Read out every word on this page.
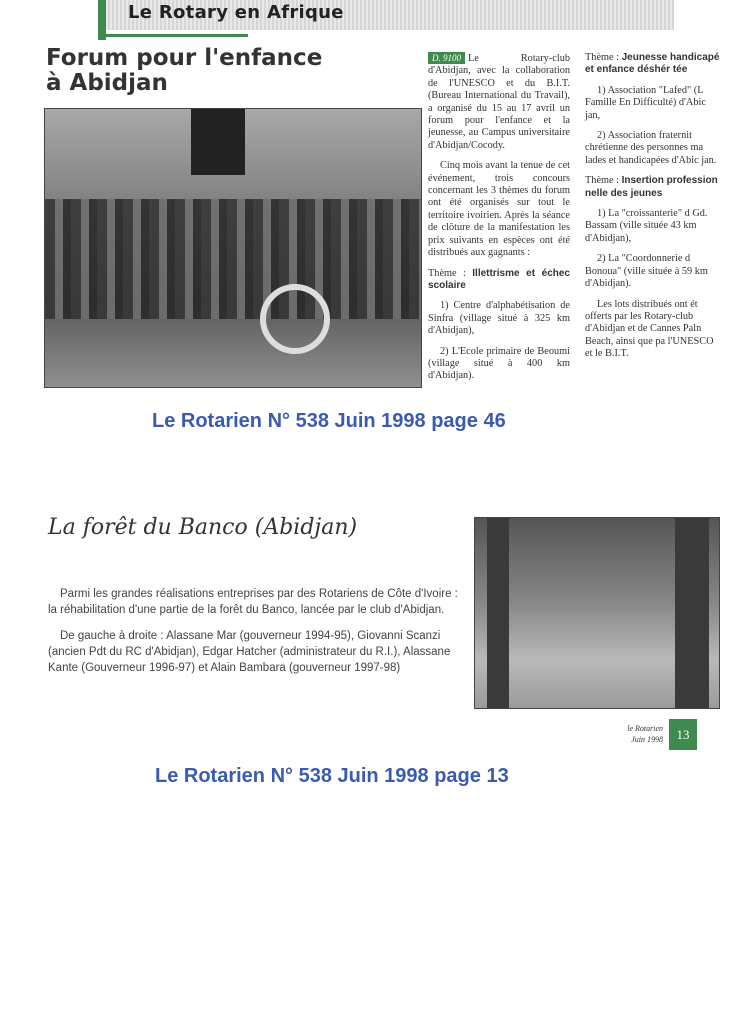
Le Rotary en Afrique
Forum pour l'enfance
à Abidjan

D. 9100 Le Rotary-club d'Abidjan, avec la collaboration de l'UNESCO et du B.I.T. (Bureau International du Travail), a organisé du 15 au 17 avril un forum pour l'enfance et la jeunesse, au Campus universitaire d'Abidjan/Cocody.

Cinq mois avant la tenue de cet événement, trois concours concernant les 3 thèmes du forum ont été organisés sur tout le territoire ivoirien. Après la séance de clôture de la manifestation les prix suivants en espèces ont été distribués aux gagnants :

Thème : Illettrisme et échec scolaire

1) Centre d'alphabétisation de Sinfra (village situé à 325 km d'Abidjan),

2) L'Ecole primaire de Beoumi (village situé à 400 km d'Abidjan).

Thème : Jeunesse handicapé et enfance déshér tée

1) Association "Lafed" (L Famille En Difficulté) d'Abic jan,

2) Association fraternit chrétienne des personnes ma lades et handicapées d'Abic jan.

Thème : Insertion profession nelle des jeunes

1) La "croissanterie" d Gd. Bassam (ville située 43 km d'Abidjan),

2) La "Coordonnerie d Bonoua" (ville située à 59 km d'Abidjan).

Les lots distribués ont ét offerts par les Rotary-club d'Abidjan et de Cannes Paln Beach, ainsi que pa l'UNESCO et le B.I.T.

Le Rotarien N° 538 Juin 1998 page 46
La forêt du Banco (Abidjan)

Parmi les grandes réalisations entreprises par des Rotariens de Côte d'Ivoire : la réhabilitation d'une partie de la forêt du Banco, lancée par le club d'Abidjan.

De gauche à droite : Alassane Mar (gouverneur 1994-95), Giovanni Scanzi (ancien Pdt du RC d'Abidjan), Edgar Hatcher (administrateur du R.I.), Alassane Kante (Gouverneur 1996-97) et Alain Bambara (gouverneur 1997-98)

le Rotarien
Juin 1998	13
Le Rotarien N° 538 Juin 1998 page 13
